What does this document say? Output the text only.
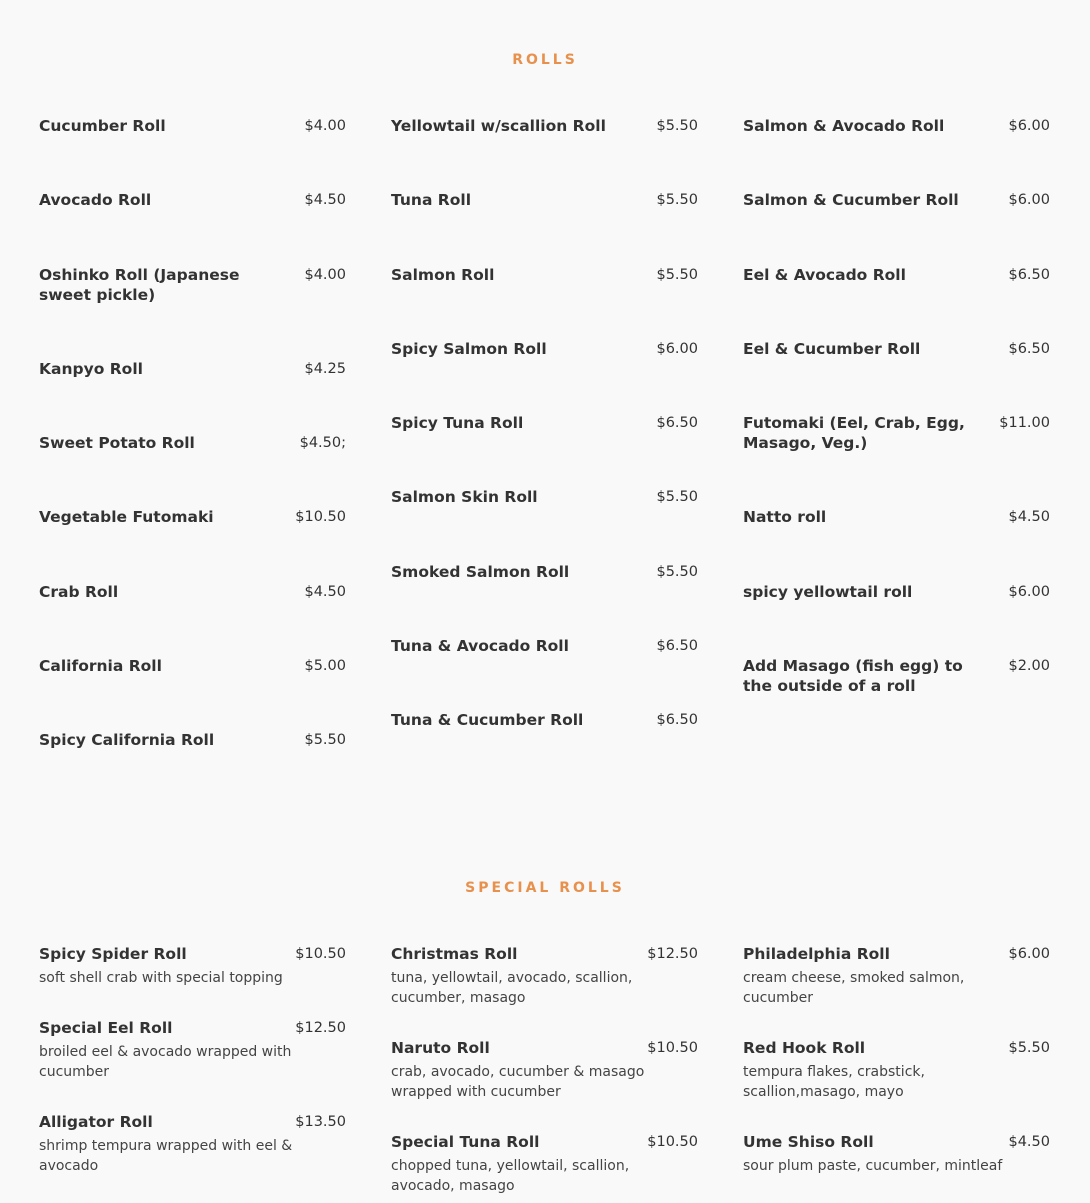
ROLLS
Cucumber Roll	$4.00
Avocado Roll	$4.50
Oshinko Roll (Japanese sweet pickle)
$4.00
Kanpyo Roll	$4.25
Sweet Potato Roll	$4.50;
Vegetable Futomaki	$10.50
Crab Roll	$4.50
California Roll	$5.00
Spicy California Roll	$5.50
Yellowtail w/scallion Roll	$5.50
Tuna Roll	$5.50
Salmon Roll	$5.50
Spicy Salmon Roll	$6.00
Spicy Tuna Roll	$6.50
Salmon Skin Roll	$5.50
Smoked Salmon Roll	$5.50
Tuna & Avocado Roll	$6.50
Tuna & Cucumber Roll	$6.50
Salmon & Avocado Roll	$6.00
Salmon & Cucumber Roll	$6.00
Eel & Avocado Roll	$6.50
Eel & Cucumber Roll	$6.50
Futomaki (Eel, Crab, Egg, Masago, Veg.)
$11.00
Natto roll	$4.50
spicy yellowtail roll	$6.00
Add Masago (fish egg) to the outside of a roll
$2.00
SPECIAL ROLLS
Spicy Spider Roll	$10.50
soft shell crab with special topping
Special Eel Roll	$12.50
broiled eel & avocado wrapped with cucumber
Alligator Roll	$13.50
shrimp tempura wrapped with eel & avocado
Christmas Roll	$12.50
tuna, yellowtail, avocado, scallion, cucumber, masago
Naruto Roll	$10.50
crab, avocado, cucumber & masago wrapped with cucumber
Special Tuna Roll	$10.50
chopped tuna, yellowtail, scallion, avocado, masago
Philadelphia Roll	$6.00
cream cheese, smoked salmon, cucumber
Red Hook Roll	$5.50
tempura flakes, crabstick, scallion,masago, mayo
Ume Shiso Roll	$4.50
sour plum paste, cucumber, mintleaf
